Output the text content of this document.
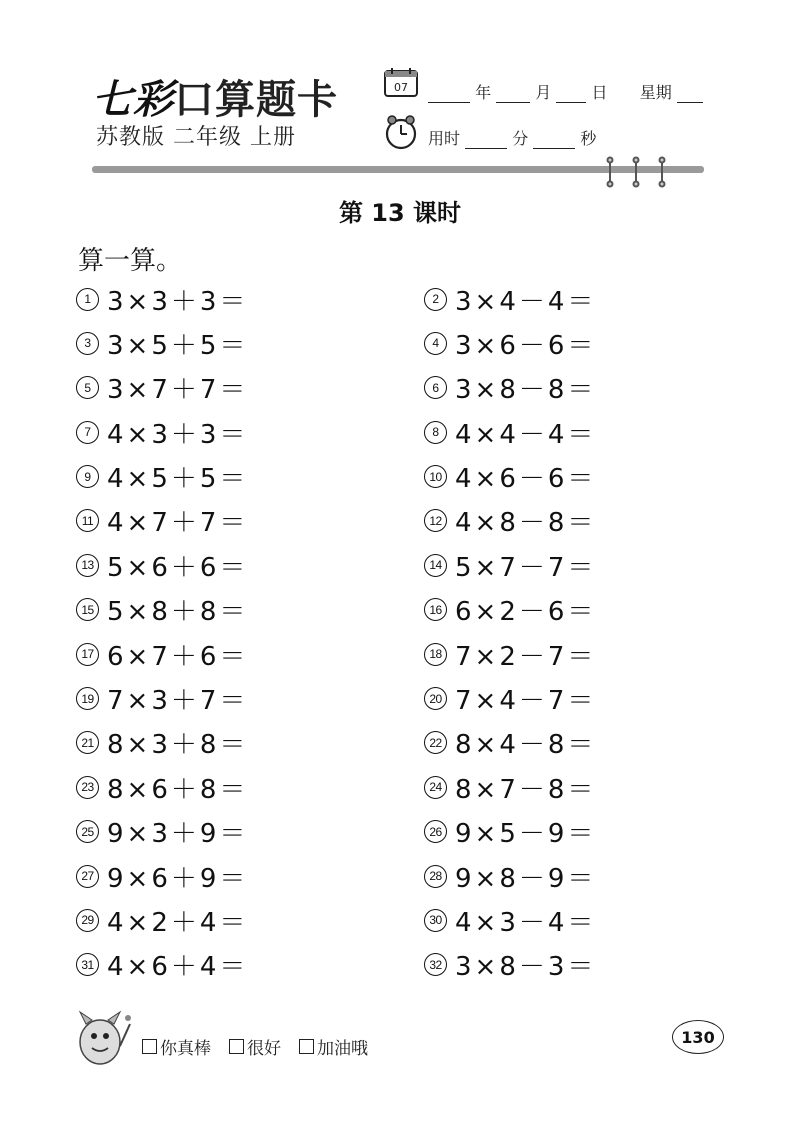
七彩口算题卡
苏教版 二年级 上册
07	年	月	日 星期
用时	分	秒
第 13 课时
算一算。
1 3×3＋3＝	2 3×4－4＝
3 3×5＋5＝	4 3×6－6＝
5 3×7＋7＝	6 3×8－8＝
7 4×3＋3＝	8 4×4－4＝
9 4×5＋5＝	10 4×6－6＝
11 4×7＋7＝	12 4×8－8＝
13 5×6＋6＝	14 5×7－7＝
15 5×8＋8＝	16 6×2－6＝
17 6×7＋6＝	18 7×2－7＝
19 7×3＋7＝	20 7×4－7＝
21 8×3＋8＝	22 8×4－8＝
23 8×6＋8＝	24 8×7－8＝
25 9×3＋9＝	26 9×5－9＝
27 9×6＋9＝	28 9×8－9＝
29 4×2＋4＝	30 4×3－4＝
31 4×6＋4＝	32 3×8－3＝
你真棒 很好 加油哦
130
